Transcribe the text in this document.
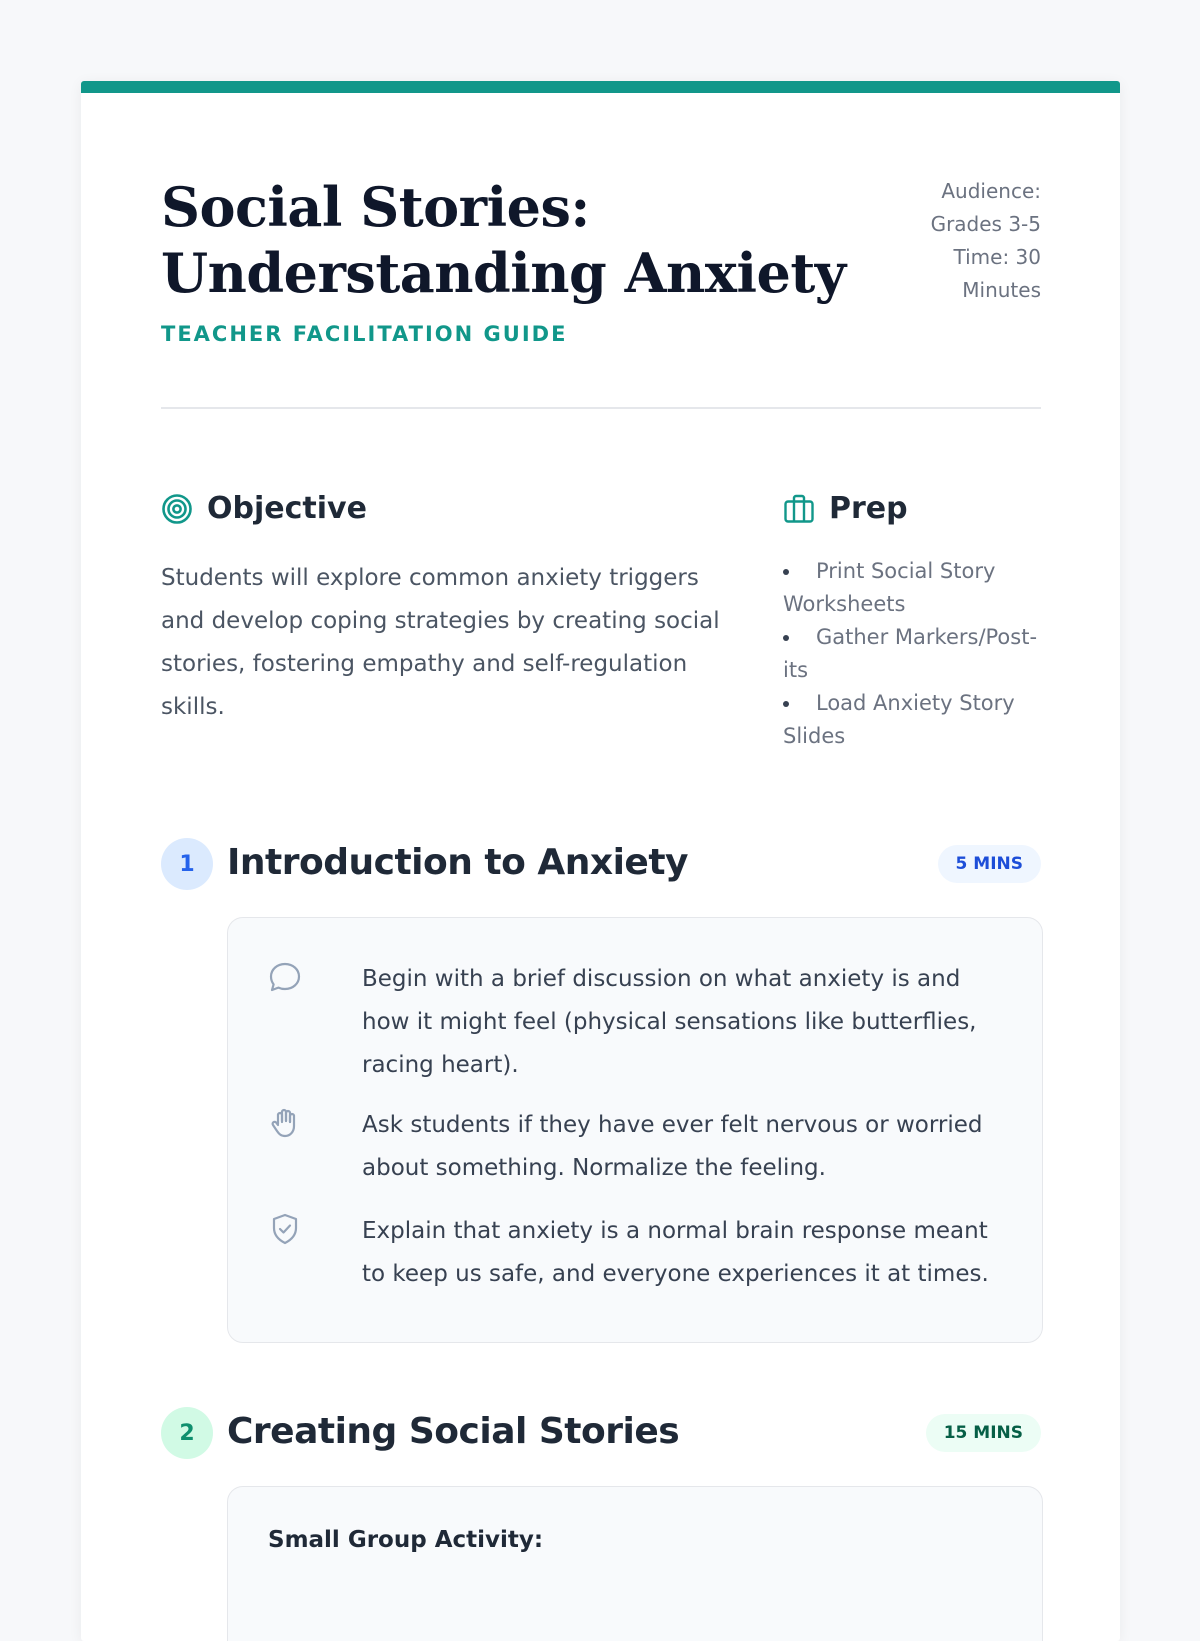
Social Stories: Understanding Anxiety
TEACHER FACILITATION GUIDE
Audience: Grades 3-5 Time: 30 Minutes
Objective

Students will explore common anxiety triggers and develop coping strategies by creating social stories, fostering empathy and self-regulation skills.

Prep
Print Social Story Worksheets
Gather Markers/Post-its
Load Anxiety Story Slides
1 Introduction to Anxiety	5 MINS

Begin with a brief discussion on what anxiety is and how it might feel (physical sensations like butterflies, racing heart).

Ask students if they have ever felt nervous or worried about something. Normalize the feeling.

Explain that anxiety is a normal brain response meant to keep us safe, and everyone experiences it at times.

2 Creating Social Stories	15 MINS
Small Group Activity:
